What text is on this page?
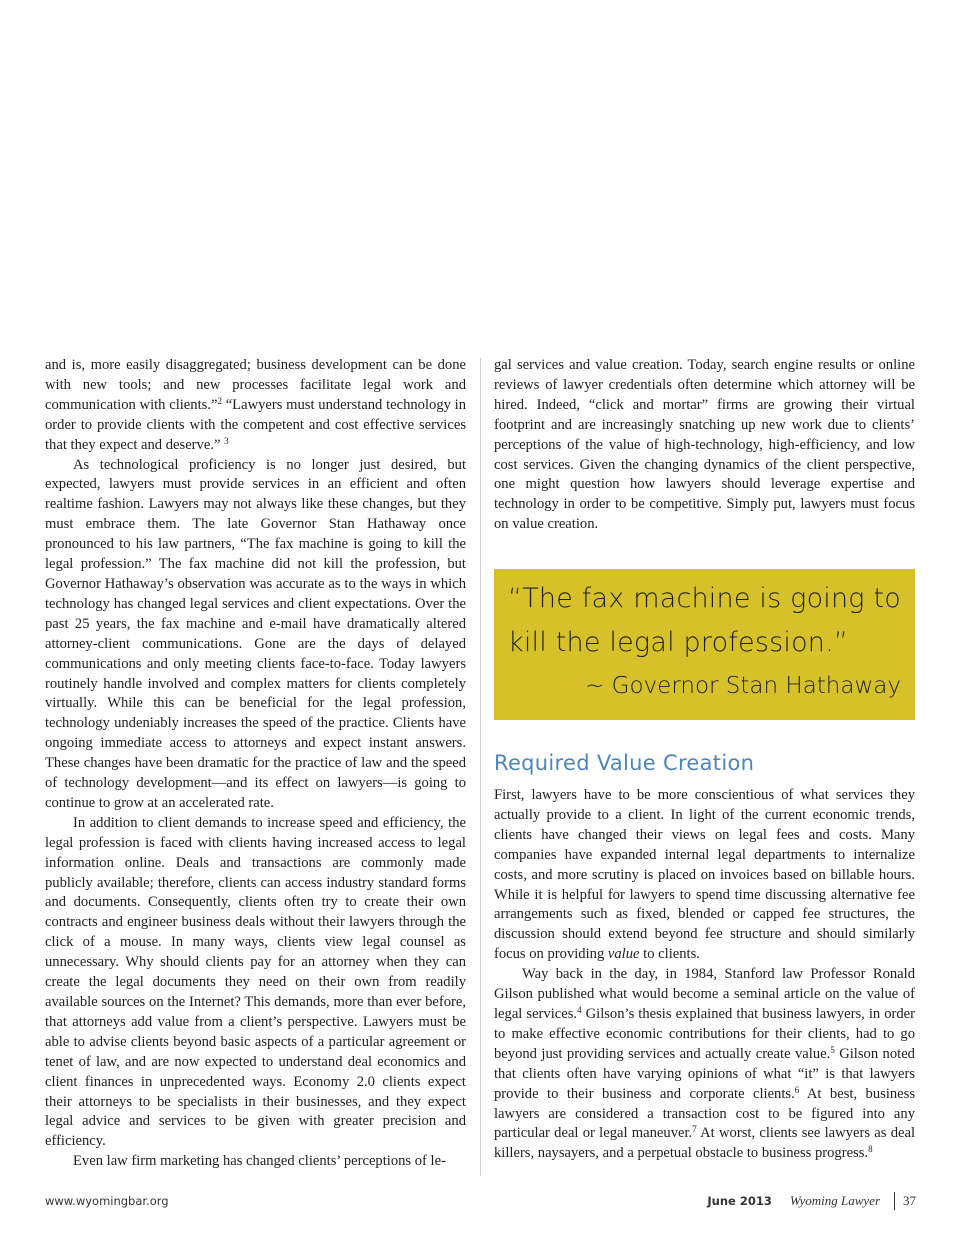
and is, more easily disaggregated; business development can be done with new tools; and new processes facilitate legal work and communication with clients.”$^2$ “Lawyers must understand technology in order to provide clients with the competent and cost effective services that they expect and deserve.” $^3$

As technological proficiency is no longer just desired, but expected, lawyers must provide services in an efficient and often realtime fashion. Lawyers may not always like these changes, but they must embrace them. The late Governor Stan Hathaway once pronounced to his law partners, “The fax machine is going to kill the legal profession.” The fax machine did not kill the profession, but Governor Hathaway’s observation was accurate as to the ways in which technology has changed legal services and client expectations. Over the past 25 years, the fax machine and e-mail have dramatically altered attorney-client communications. Gone are the days of delayed communications and only meeting clients face-to-face. Today lawyers routinely handle involved and complex matters for clients completely virtually. While this can be beneficial for the legal profession, technology undeniably increases the speed of the practice. Clients have ongoing immediate access to attorneys and expect instant answers. These changes have been dramatic for the practice of law and the speed of technology development—and its effect on lawyers—is going to continue to grow at an accelerated rate.

In addition to client demands to increase speed and efficiency, the legal profession is faced with clients having increased access to legal information online. Deals and transactions are commonly made publicly available; therefore, clients can access industry standard forms and documents. Consequently, clients often try to create their own contracts and engineer business deals without their lawyers through the click of a mouse. In many ways, clients view legal counsel as unnecessary. Why should clients pay for an attorney when they can create the legal documents they need on their own from readily available sources on the Internet? This demands, more than ever before, that attorneys add value from a client’s perspective. Lawyers must be able to advise clients beyond basic aspects of a particular agreement or tenet of law, and are now expected to understand deal economics and client finances in unprecedented ways. Economy 2.0 clients expect their attorneys to be specialists in their businesses, and they expect legal advice and services to be given with greater precision and efficiency.

Even law firm marketing has changed clients’ perceptions of le-

gal services and value creation. Today, search engine results or online reviews of lawyer credentials often determine which attorney will be hired. Indeed, “click and mortar” firms are growing their virtual footprint and are increasingly snatching up new work due to clients’ perceptions of the value of high-technology, high-efficiency, and low cost services. Given the changing dynamics of the client perspective, one might question how lawyers should leverage expertise and technology in order to be competitive. Simply put, lawyers must focus on value creation.

“The fax machine is going to kill the legal profession.”
~ Governor Stan Hathaway
Required Value Creation

First, lawyers have to be more conscientious of what services they actually provide to a client. In light of the current economic trends, clients have changed their views on legal fees and costs. Many companies have expanded internal legal departments to internalize costs, and more scrutiny is placed on invoices based on billable hours. While it is helpful for lawyers to spend time discussing alternative fee arrangements such as fixed, blended or capped fee structures, the discussion should extend beyond fee structure and should similarly focus on providing value to clients.

Way back in the day, in 1984, Stanford law Professor Ronald Gilson published what would become a seminal article on the value of legal services.$^4$ Gilson’s thesis explained that business lawyers, in order to make effective economic contributions for their clients, had to go beyond just providing services and actually create value.$^5$ Gilson noted that clients often have varying opinions of what “it” is that lawyers provide to their business and corporate clients.$^6$ At best, business lawyers are considered a transaction cost to be figured into any particular deal or legal maneuver.$^7$ At worst, clients see lawyers as deal killers, naysayers, and a perpetual obstacle to business progress.$^8$

www.wyomingbar.org	June 2013 Wyoming Lawyer 37
